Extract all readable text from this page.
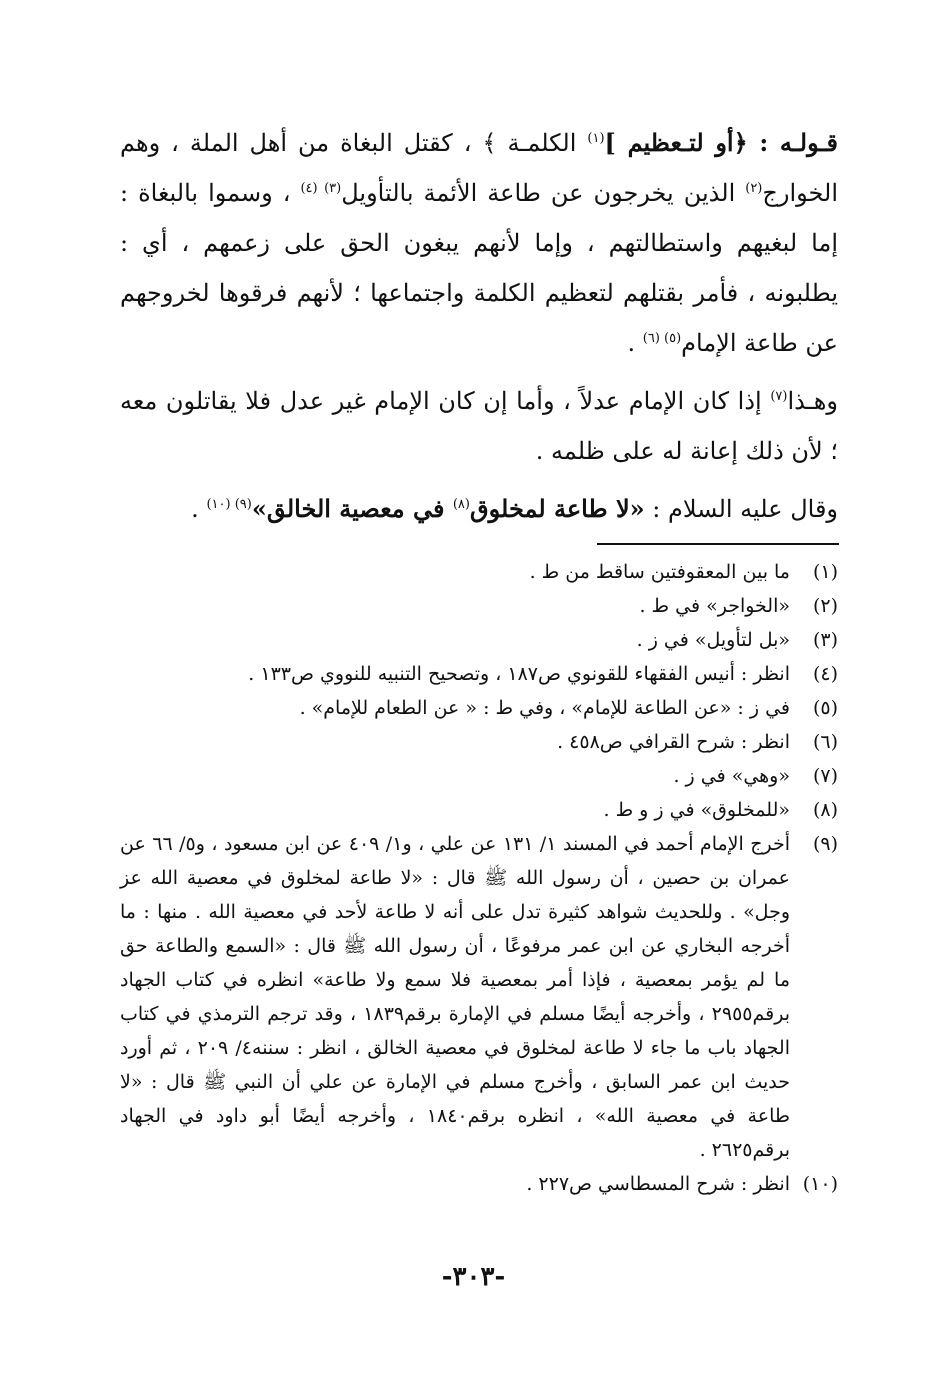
قـولـه : ﴿أو لتـعظيم ]$^{(١)}$ الكلمـة ﴾ ، كقتل البغاة من أهل الملة ، وهم الخوارج$^{(٢)}$ الذين يخرجون عن طاعة الأئمة بالتأويل$^{(٣) (٤)}$ ، وسموا بالبغاة : إما لبغيهم واستطالتهم ، وإما لأنهم يبغون الحق على زعمهم ، أي : يطلبونه ، فأمر بقتلهم لتعظيم الكلمة واجتماعها ؛ لأنهم فرقوها لخروجهم عن طاعة الإمام$^{(٥) (٦)}$ .

وهـذا$^{(٧)}$ إذا كان الإمام عدلاً ، وأما إن كان الإمام غير عدل فلا يقاتلون معه ؛ لأن ذلك إعانة له على ظلمه .

وقال عليه السلام : «لا طاعة لمخلوق$^{(٨)}$ في معصية الخالق»$^{(٩) (١٠)}$ .

(١)
ما بين المعقوفتين ساقط من ط .
(٢)
«الخواجر» في ط .
(٣)
«بل لتأويل» في ز .
(٤)
انظر : أنيس الفقهاء للقونوي ص١٨٧ ، وتصحيح التنبيه للنووي ص١٣٣ .
(٥)
في ز : «عن الطاعة للإمام» ، وفي ط : « عن الطعام للإمام» .
(٦)
انظر : شرح القرافي ص٤٥٨ .
(٧)
«وهي» في ز .
(٨)
«للمخلوق» في ز و ط .
(٩)
أخرج الإمام أحمد في المسند ١/ ١٣١ عن علي ، و١/ ٤٠٩ عن ابن مسعود ، و٥/ ٦٦ عن عمران بن حصين ، أن رسول الله ﷺ قال : «لا طاعة لمخلوق في معصية الله عز وجل» . وللحديث شواهد كثيرة تدل على أنه لا طاعة لأحد في معصية الله . منها : ما أخرجه البخاري عن ابن عمر مرفوعًا ، أن رسول الله ﷺ قال : «السمع والطاعة حق ما لم يؤمر بمعصية ، فإذا أمر بمعصية فلا سمع ولا طاعة» انظره في كتاب الجهاد برقم٢٩٥٥ ، وأخرجه أيضًا مسلم في الإمارة برقم١٨٣٩ ، وقد ترجم الترمذي في كتاب الجهاد باب ما جاء لا طاعة لمخلوق في معصية الخالق ، انظر : سننه٤/ ٢٠٩ ، ثم أورد حديث ابن عمر السابق ، وأخرج مسلم في الإمارة عن علي أن النبي ﷺ قال : «لا طاعة في معصية الله» ، انظره برقم١٨٤٠ ، وأخرجه أيضًا أبو داود في الجهاد برقم٢٦٢٥ .
(١٠)
انظر : شرح المسطاسي ص٢٢٧ .
-٣٠٣-
